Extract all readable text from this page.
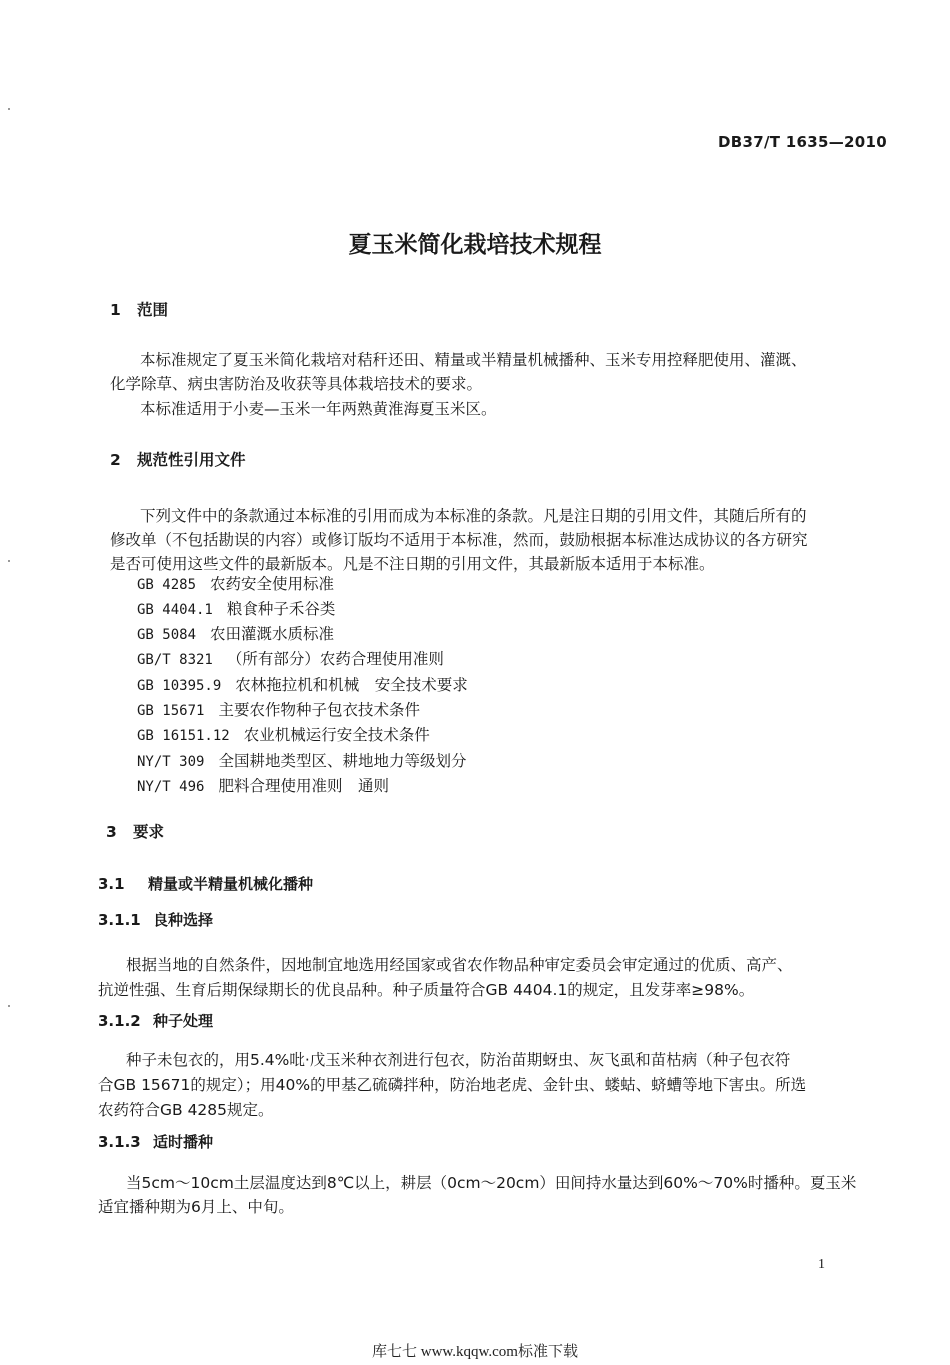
DB37/T 1635—2010
夏玉米简化栽培技术规程
1 范围
本标准规定了夏玉米简化栽培对秸秆还田、精量或半精量机械播种、玉米专用控释肥使用、灌溉、
化学除草、病虫害防治及收获等具体栽培技术的要求。
本标准适用于小麦—玉米一年两熟黄淮海夏玉米区。
2 规范性引用文件
下列文件中的条款通过本标准的引用而成为本标准的条款。凡是注日期的引用文件，其随后所有的
修改单（不包括勘误的内容）或修订版均不适用于本标准，然而，鼓励根据本标准达成协议的各方研究
是否可使用这些文件的最新版本。凡是不注日期的引用文件，其最新版本适用于本标准。
GB 4285 农药安全使用标准
GB 4404.1 粮食种子禾谷类
GB 5084 农田灌溉水质标准
GB/T 8321 （所有部分）农药合理使用准则
GB 10395.9 农林拖拉机和机械　安全技术要求
GB 15671 主要农作物种子包衣技术条件
GB 16151.12 农业机械运行安全技术条件
NY/T 309 全国耕地类型区、耕地地力等级划分
NY/T 496 肥料合理使用准则　通则
3 要求
3.1 精量或半精量机械化播种
3.1.1 良种选择
根据当地的自然条件，因地制宜地选用经国家或省农作物品种审定委员会审定通过的优质、高产、
抗逆性强、生育后期保绿期长的优良品种。种子质量符合GB 4404.1的规定，且发芽率≥98%。
3.1.2 种子处理
种子未包衣的，用5.4%吡·戊玉米种衣剂进行包衣，防治苗期蚜虫、灰飞虱和苗枯病（种子包衣符
合GB 15671的规定）；用40%的甲基乙硫磷拌种，防治地老虎、金针虫、蝼蛄、蛴螬等地下害虫。所选
农药符合GB 4285规定。
3.1.3 适时播种
当5cm～10cm土层温度达到8℃以上，耕层（0cm～20cm）田间持水量达到60%～70%时播种。夏玉米
适宜播种期为6月上、中旬。
1
库七七 www.kqqw.com标准下载
